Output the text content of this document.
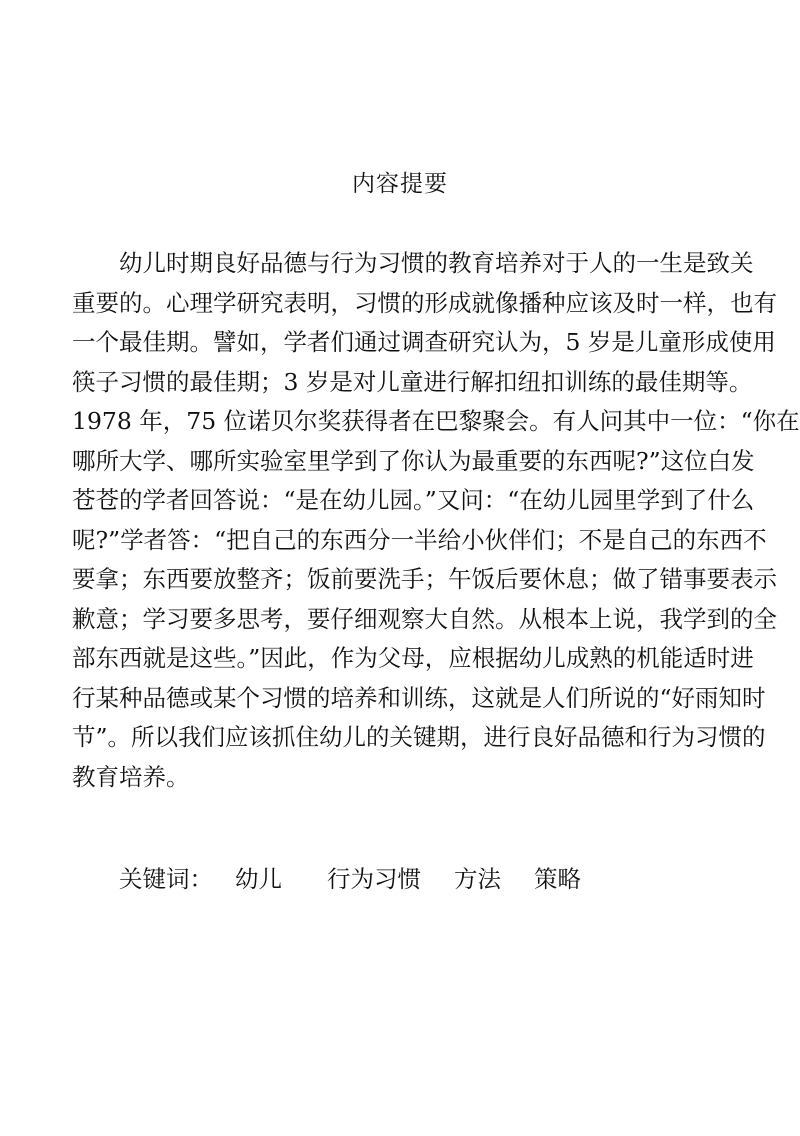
内容提要
幼儿时期良好品德与行为习惯的教育培养对于人的一生是致关
重要的。心理学研究表明，习惯的形成就像播种应该及时一样，也有
一个最佳期。譬如，学者们通过调查研究认为，5 岁是儿童形成使用
筷子习惯的最佳期；3 岁是对儿童进行解扣纽扣训练的最佳期等。
1978 年，75 位诺贝尔奖获得者在巴黎聚会。有人问其中一位：“你在
哪所大学、哪所实验室里学到了你认为最重要的东西呢?”这位白发
苍苍的学者回答说：“是在幼儿园。”又问：“在幼儿园里学到了什么
呢?”学者答：“把自己的东西分一半给小伙伴们；不是自己的东西不
要拿；东西要放整齐；饭前要洗手；午饭后要休息；做了错事要表示
歉意；学习要多思考，要仔细观察大自然。从根本上说，我学到的全
部东西就是这些。”因此，作为父母，应根据幼儿成熟的机能适时进
行某种品德或某个习惯的培养和训练，这就是人们所说的“好雨知时
节”。所以我们应该抓住幼儿的关键期，进行良好品德和行为习惯的
教育培养。
关键词： 幼儿 行为习惯 方法 策略
